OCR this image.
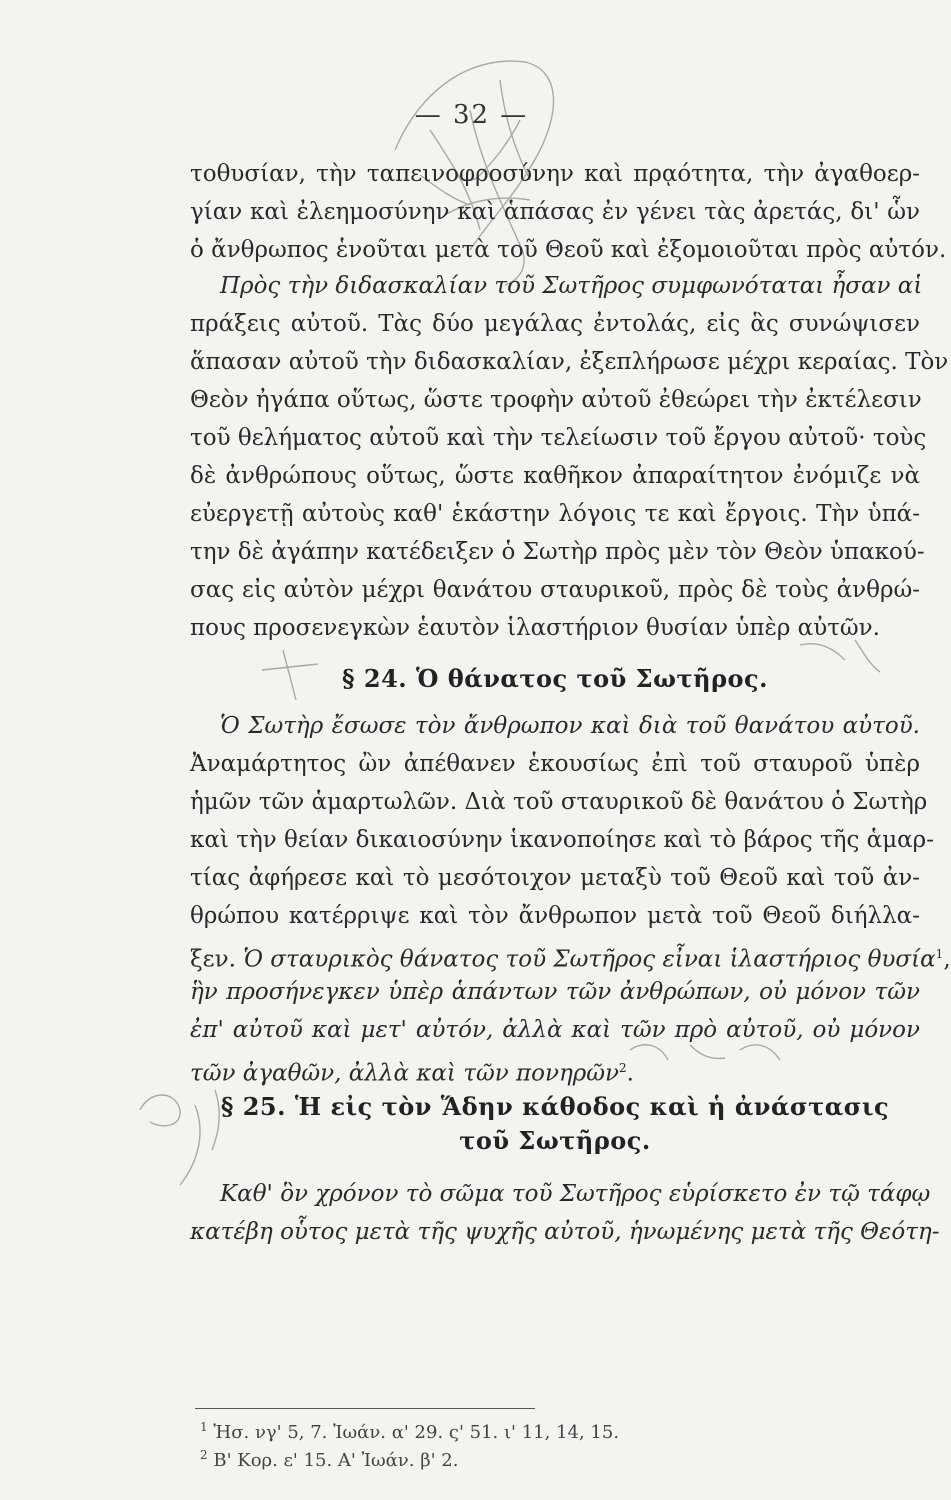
— 32 —
τοθυσίαν, τὴν ταπεινοφροσύνην καὶ πρᾳότητα, τὴν ἀγαθοερ-
γίαν καὶ ἐλεημοσύνην καὶ ἁπάσας ἐν γένει τὰς ἀρετάς, δι' ὧν
ὁ ἄνθρωπος ἑνοῦται μετὰ τοῦ Θεοῦ καὶ ἐξομοιοῦται πρὸς αὐτόν.
Πρὸς τὴν διδασκαλίαν τοῦ Σωτῆρος συμφωνόταται ἦσαν αἱ
πράξεις αὐτοῦ. Τὰς δύο μεγάλας ἐντολάς, εἰς ἃς συνώψισεν
ἅπασαν αὐτοῦ τὴν διδασκαλίαν, ἐξεπλήρωσε μέχρι κεραίας. Τὸν
Θεὸν ἠγάπα οὕτως, ὥστε τροφὴν αὐτοῦ ἐθεώρει τὴν ἐκτέλεσιν
τοῦ θελήματος αὐτοῦ καὶ τὴν τελείωσιν τοῦ ἔργου αὐτοῦ· τοὺς
δὲ ἀνθρώπους οὕτως, ὥστε καθῆκον ἀπαραίτητον ἐνόμιζε νὰ
εὐεργετῇ αὐτοὺς καθ' ἑκάστην λόγοις τε καὶ ἔργοις. Τὴν ὑπά-
την δὲ ἀγάπην κατέδειξεν ὁ Σωτὴρ πρὸς μὲν τὸν Θεὸν ὑπακού-
σας εἰς αὐτὸν μέχρι θανάτου σταυρικοῦ, πρὸς δὲ τοὺς ἀνθρώ-
πους προσενεγκὼν ἑαυτὸν ἱλαστήριον θυσίαν ὑπὲρ αὐτῶν.
§ 24. Ὁ θάνατος τοῦ Σωτῆρος.
Ὁ Σωτὴρ ἔσωσε τὸν ἄνθρωπον καὶ διὰ τοῦ θανάτου αὐτοῦ.
Ἀναμάρτητος ὢν ἀπέθανεν ἑκουσίως ἐπὶ τοῦ σταυροῦ ὑπὲρ
ἡμῶν τῶν ἁμαρτωλῶν. Διὰ τοῦ σταυρικοῦ δὲ θανάτου ὁ Σωτὴρ
καὶ τὴν θείαν δικαιοσύνην ἱκανοποίησε καὶ τὸ βάρος τῆς ἁμαρ-
τίας ἀφήρεσε καὶ τὸ μεσότοιχον μεταξὺ τοῦ Θεοῦ καὶ τοῦ ἀν-
θρώπου κατέρριψε καὶ τὸν ἄνθρωπον μετὰ τοῦ Θεοῦ διήλλα-
ξεν. Ὁ σταυρικὸς θάνατος τοῦ Σωτῆρος εἶναι ἱλαστήριος θυσία$^1$,
ἣν προσήνεγκεν ὑπὲρ ἁπάντων τῶν ἀνθρώπων, οὐ μόνον τῶν
ἐπ' αὐτοῦ καὶ μετ' αὐτόν, ἀλλὰ καὶ τῶν πρὸ αὐτοῦ, οὐ μόνον
τῶν ἀγαθῶν, ἀλλὰ καὶ τῶν πονηρῶν$^2$.
§ 25. Ἡ εἰς τὸν Ἅδην κάθοδος καὶ ἡ ἀνάστασις
τοῦ Σωτῆρος.
Καθ' ὃν χρόνον τὸ σῶμα τοῦ Σωτῆρος εὑρίσκετο ἐν τῷ τάφῳ
κατέβη οὗτος μετὰ τῆς ψυχῆς αὐτοῦ, ἡνωμένης μετὰ τῆς Θεότη-
$^1$ Ἡσ. νγ' 5, 7. Ἰωάν. α' 29. ς' 51. ι' 11, 14, 15.
$^2$ Β' Κορ. ε' 15. Α' Ἰωάν. β' 2.
